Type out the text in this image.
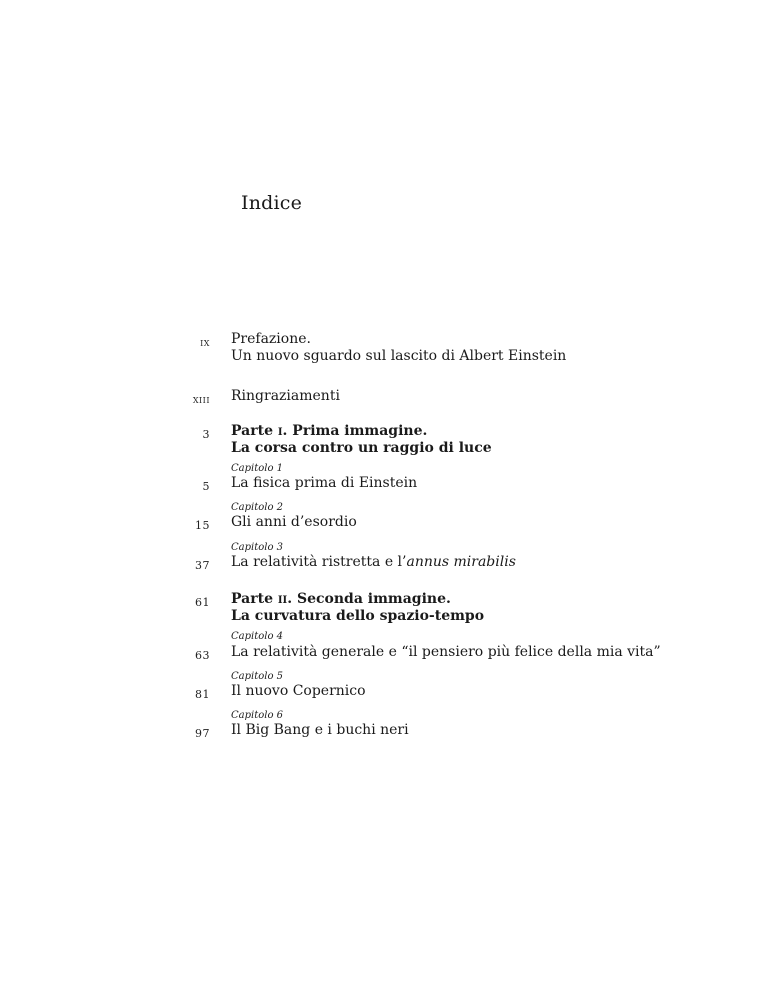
Indice
ix Prefazione.
Un nuovo sguardo sul lascito di Albert Einstein
xiii Ringraziamenti
3 Parte i. Prima immagine.
La corsa contro un raggio di luce
Capitolo 1
5 La fisica prima di Einstein
Capitolo 2
15 Gli anni d’esordio
Capitolo 3
37 La relatività ristretta e l’annus mirabilis
61 Parte ii. Seconda immagine.
La curvatura dello spazio-tempo
Capitolo 4
63 La relatività generale e “il pensiero più felice della mia vita”
Capitolo 5
81 Il nuovo Copernico
Capitolo 6
97 Il Big Bang e i buchi neri
